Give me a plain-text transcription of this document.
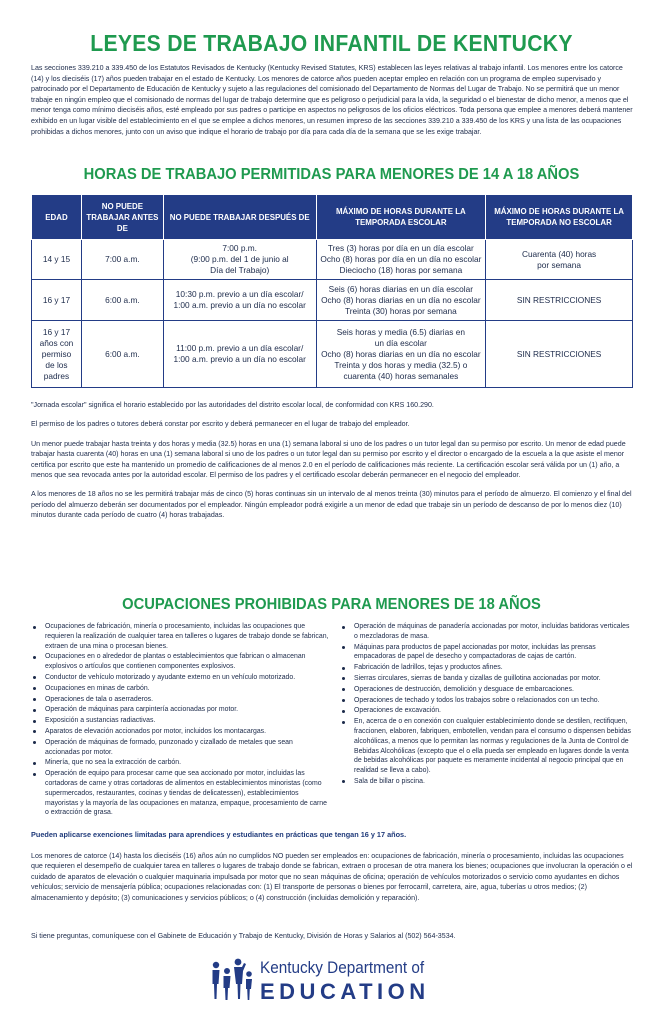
LEYES DE TRABAJO INFANTIL DE KENTUCKY

Las secciones 339.210 a 339.450 de los Estatutos Revisados de Kentucky (Kentucky Revised Statutes, KRS) establecen las leyes relativas al trabajo infantil. Los menores entre los catorce (14) y los dieciséis (17) años pueden trabajar en el estado de Kentucky. Los menores de catorce años pueden aceptar empleo en relación con un programa de empleo supervisado y patrocinado por el Departamento de Educación de Kentucky y sujeto a las regulaciones del comisionado del Departamento de Normas del Lugar de Trabajo. No se permitirá que un menor trabaje en ningún empleo que el comisionado de normas del lugar de trabajo determine que es peligroso o perjudicial para la vida, la seguridad o el bienestar de dicho menor, a menos que el menor tenga como mínimo dieciséis años, esté empleado por sus padres o participe en aspectos no peligrosos de los oficios eléctricos. Toda persona que emplee a menores deberá mantener exhibido en un lugar visible del establecimiento en el que se emplee a dichos menores, un resumen impreso de las secciones 339.210 a 339.450 de los KRS y una lista de las ocupaciones prohibidas a dichos menores, junto con un aviso que indique el horario de trabajo por día para cada día de la semana que se les exige trabajar.

HORAS DE TRABAJO PERMITIDAS PARA MENORES DE 14 A 18 AÑOS
EDAD	NO PUEDE TRABAJAR ANTES DE	NO PUEDE TRABAJAR DESPUÉS DE	MÁXIMO DE HORAS DURANTE LA TEMPORADA ESCOLAR	MÁXIMO DE HORAS DURANTE LA TEMPORADA NO ESCOLAR
14 y 15	7:00 a.m.	7:00 p.m.
(9:00 p.m. del 1 de junio al
Día del Trabajo)	Tres (3) horas por día en un día escolar
Ocho (8) horas por día en un día no escolar
Dieciocho (18) horas por semana	Cuarenta (40) horas
por semana
16 y 17	6:00 a.m.	10:30 p.m. previo a un día escolar/
1:00 a.m. previo a un día no escolar	Seis (6) horas diarias en un día escolar
Ocho (8) horas diarias en un día no escolar
Treinta (30) horas por semana	SIN RESTRICCIONES
16 y 17
años con
permiso
de los
padres	6:00 a.m.	11:00 p.m. previo a un día escolar/
1:00 a.m. previo a un día no escolar	Seis horas y media (6.5) diarias en
un día escolar
Ocho (8) horas diarias en un día no escolar
Treinta y dos horas y media (32.5) o
cuarenta (40) horas semanales	SIN RESTRICCIONES

"Jornada escolar" significa el horario establecido por las autoridades del distrito escolar local, de conformidad con KRS 160.290.

El permiso de los padres o tutores deberá constar por escrito y deberá permanecer en el lugar de trabajo del empleador.

Un menor puede trabajar hasta treinta y dos horas y media (32.5) horas en una (1) semana laboral si uno de los padres o un tutor legal dan su permiso por escrito. Un menor de edad puede trabajar hasta cuarenta (40) horas en una (1) semana laboral si uno de los padres o un tutor legal dan su permiso por escrito y el director o encargado de la escuela a la que asiste el menor certifica por escrito que este ha mantenido un promedio de calificaciones de al menos 2.0 en el período de calificaciones más reciente. La certificación escolar será válida por un (1) año, a menos que sea revocada antes por la autoridad escolar. El permiso de los padres y el certificado escolar deberán permanecer en el negocio del empleador.

A los menores de 18 años no se les permitirá trabajar más de cinco (5) horas continuas sin un intervalo de al menos treinta (30) minutos para el período de almuerzo. El comienzo y el final del período del almuerzo deberán ser documentados por el empleador. Ningún empleador podrá exigirle a un menor de edad que trabaje sin un período de descanso de por lo menos diez (10) minutos durante cada período de cuatro (4) horas trabajadas.

OCUPACIONES PROHIBIDAS PARA MENORES DE 18 AÑOS
Ocupaciones de fabricación, minería o procesamiento, incluidas las ocupaciones que requieren la realización de cualquier tarea en talleres o lugares de trabajo donde se fabrican, extraen de una mina o procesan bienes.
Ocupaciones en o alrededor de plantas o establecimientos que fabrican o almacenan explosivos o artículos que contienen componentes explosivos.
Conductor de vehículo motorizado y ayudante externo en un vehículo motorizado.
Ocupaciones en minas de carbón.
Operaciones de tala o aserraderos.
Operación de máquinas para carpintería accionadas por motor.
Exposición a sustancias radiactivas.
Aparatos de elevación accionados por motor, incluidos los montacargas.
Operación de máquinas de formado, punzonado y cizallado de metales que sean accionadas por motor.
Minería, que no sea la extracción de carbón.
Operación de equipo para procesar carne que sea accionado por motor, incluidas las cortadoras de carne y otras cortadoras de alimentos en establecimientos minoristas (como supermercados, restaurantes, cocinas y tiendas de delicatessen), establecimientos mayoristas y la mayoría de las ocupaciones en matanza, empaque, procesamiento de carne o extracción de grasa.
Operación de máquinas de panadería accionadas por motor, incluidas batidoras verticales o mezcladoras de masa.
Máquinas para productos de papel accionadas por motor, incluidas las prensas empacadoras de papel de desecho y compactadoras de cajas de cartón.
Fabricación de ladrillos, tejas y productos afines.
Sierras circulares, sierras de banda y cizallas de guillotina accionadas por motor.
Operaciones de destrucción, demolición y desguace de embarcaciones.
Operaciones de techado y todos los trabajos sobre o relacionados con un techo.
Operaciones de excavación.
En, acerca de o en conexión con cualquier establecimiento donde se destilen, rectifiquen, fraccionen, elaboren, fabriquen, embotellen, vendan para el consumo o dispensen bebidas alcohólicas, a menos que lo permitan las normas y regulaciones de la Junta de Control de Bebidas Alcohólicas (excepto que el o ella pueda ser empleado en lugares donde la venta de bebidas alcohólicas por paquete es meramente incidental al negocio principal que en realidad se lleva a cabo).
Sala de billar o piscina.

Pueden aplicarse exenciones limitadas para aprendices y estudiantes en prácticas que tengan 16 y 17 años.

Los menores de catorce (14) hasta los dieciséis (16) años aún no cumplidos NO pueden ser empleados en: ocupaciones de fabricación, minería o procesamiento, incluidas las ocupaciones que requieren el desempeño de cualquier tarea en talleres o lugares de trabajo donde se fabrican, extraen o procesan de otra manera los bienes; ocupaciones que involucran la operación o el cuidado de aparatos de elevación o cualquier maquinaria impulsada por motor que no sean máquinas de oficina; operación de vehículos motorizados o servicio como ayudantes en dichos vehículos; servicio de mensajería pública; ocupaciones relacionadas con: (1) El transporte de personas o bienes por ferrocarril, carretera, aire, agua, tuberías u otros medios; (2) almacenamiento y depósito; (3) comunicaciones y servicios públicos; o (4) construcción (incluidas demolición y reparación).

Si tiene preguntas, comuníquese con el Gabinete de Educación y Trabajo de Kentucky, División de Horas y Salarios al (502) 564-3534.

Kentucky Department of
EDUCATION
